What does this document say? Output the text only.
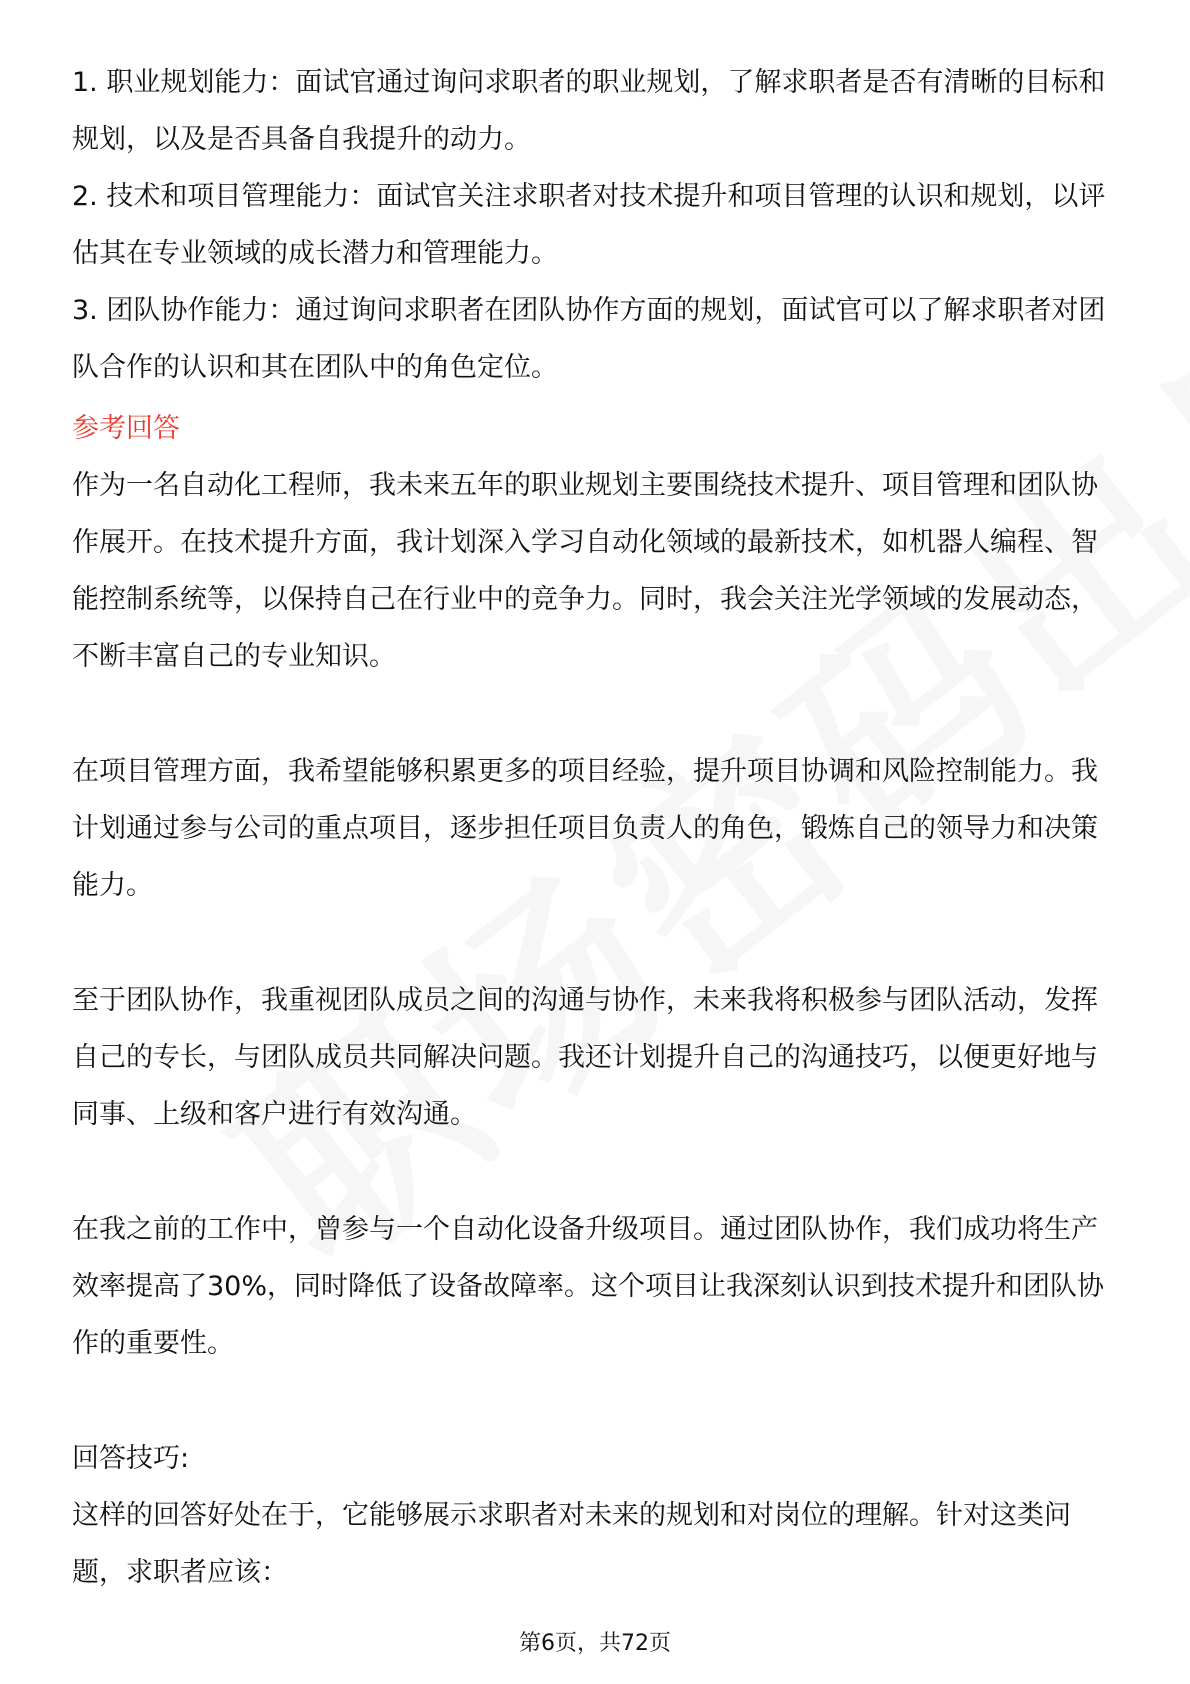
1. 职业规划能力：面试官通过询问求职者的职业规划，了解求职者是否有清晰的目标和规划，以及是否具备自我提升的动力。

2. 技术和项目管理能力：面试官关注求职者对技术提升和项目管理的认识和规划，以评估其在专业领域的成长潜力和管理能力。

3. 团队协作能力：通过询问求职者在团队协作方面的规划，面试官可以了解求职者对团队合作的认识和其在团队中的角色定位。

参考回答

作为一名自动化工程师，我未来五年的职业规划主要围绕技术提升、项目管理和团队协作展开。在技术提升方面，我计划深入学习自动化领域的最新技术，如机器人编程、智能控制系统等，以保持自己在行业中的竞争力。同时，我会关注光学领域的发展动态，不断丰富自己的专业知识。

在项目管理方面，我希望能够积累更多的项目经验，提升项目协调和风险控制能力。我计划通过参与公司的重点项目，逐步担任项目负责人的角色，锻炼自己的领导力和决策能力。

至于团队协作，我重视团队成员之间的沟通与协作，未来我将积极参与团队活动，发挥自己的专长，与团队成员共同解决问题。我还计划提升自己的沟通技巧，以便更好地与同事、上级和客户进行有效沟通。

在我之前的工作中，曾参与一个自动化设备升级项目。通过团队协作，我们成功将生产效率提高了30%，同时降低了设备故障率。这个项目让我深刻认识到技术提升和团队协作的重要性。

回答技巧:

这样的回答好处在于，它能够展示求职者对未来的规划和对岗位的理解。针对这类问题，求职者应该：

第6页，共72页
